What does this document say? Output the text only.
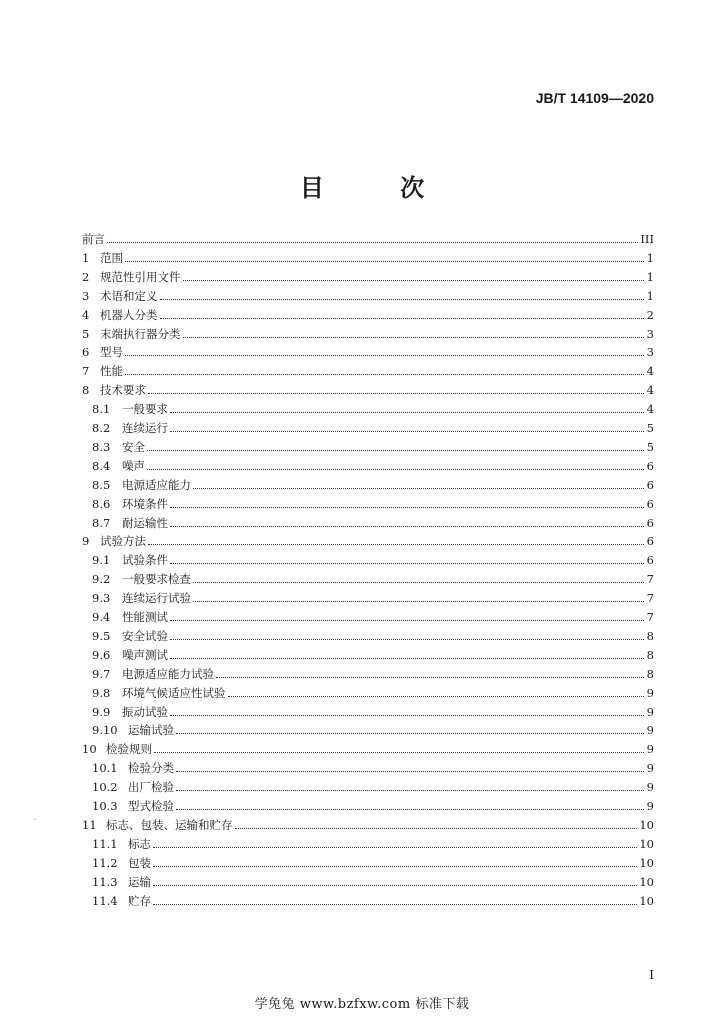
JB/T 14109—2020
目 次
前言	III
1 范围	1
2 规范性引用文件	1
3 术语和定义	1
4 机器人分类	2
5 末端执行器分类	3
6 型号	3
7 性能	4
8 技术要求	4
8.1	一般要求	4
8.2	连续运行	5
8.3	安全	5
8.4	噪声	6
8.5	电源适应能力	6
8.6	环境条件	6
8.7	耐运输性	6
9 试验方法	6
9.1	试验条件	6
9.2	一般要求检查	7
9.3	连续运行试验	7
9.4	性能测试	7
9.5	安全试验	8
9.6	噪声测试	8
9.7	电源适应能力试验	8
9.8	环境气候适应性试验	9
9.9	振动试验	9
9.10 运输试验	9
10 检验规则	9
10.1 检验分类	9
10.2 出厂检验	9
10.3 型式检验	9
11 标志、包装、运输和贮存	10
11.1 标志	10
11.2 包装	10
11.3 运输	10
11.4 贮存	10
·
I
学兔兔 www.bzfxw.com 标准下载
